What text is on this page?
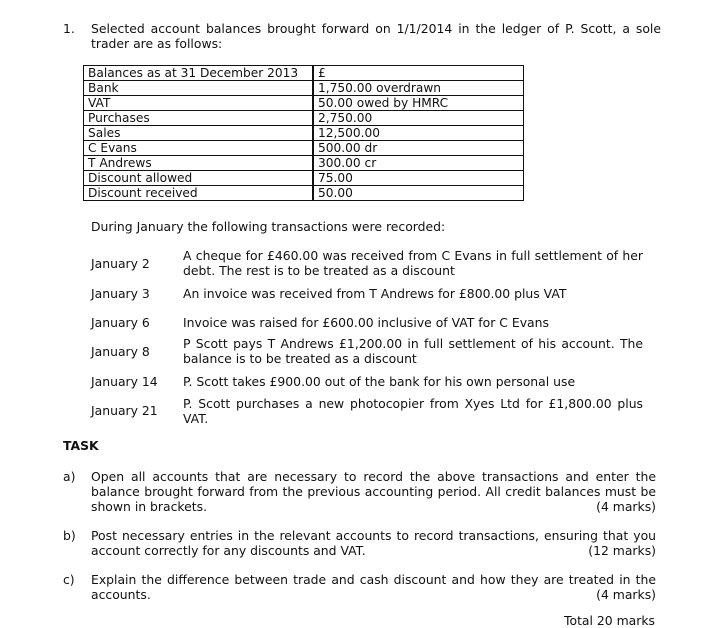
1. Selected account balances brought forward on 1/1/2014 in the ledger of P. Scott, a sole trader are as follows:
Balances as at 31 December 2013		£
Bank		1,750.00 overdrawn
VAT		50.00 owed by HMRC
Purchases		2,750.00
Sales		12,500.00
C Evans		500.00 dr
T Andrews		300.00 cr
Discount allowed		75.00
Discount received		50.00
During January the following transactions were recorded:
January 2
A cheque for £460.00 was received from C Evans in full settlement of her debt. The rest is to be treated as a discount
January 3	An invoice was received from T Andrews for £800.00 plus VAT
January 6	Invoice was raised for £600.00 inclusive of VAT for C Evans
January 8
P Scott pays T Andrews £1,200.00 in full settlement of his account. The balance is to be treated as a discount
January 14 P. Scott takes £900.00 out of the bank for his own personal use
January 21 P. Scott purchases a new photocopier from Xyes Ltd for £1,800.00 plus VAT.
TASK
a) Open all accounts that are necessary to record the above transactions and enter the balance brought forward from the previous accounting period. All credit balances must be shown in brackets.	(4 marks)
b) Post necessary entries in the relevant accounts to record transactions, ensuring that you account correctly for any discounts and VAT.	(12 marks)
c) Explain the difference between trade and cash discount and how they are treated in the accounts.	(4 marks)
Total 20 marks
